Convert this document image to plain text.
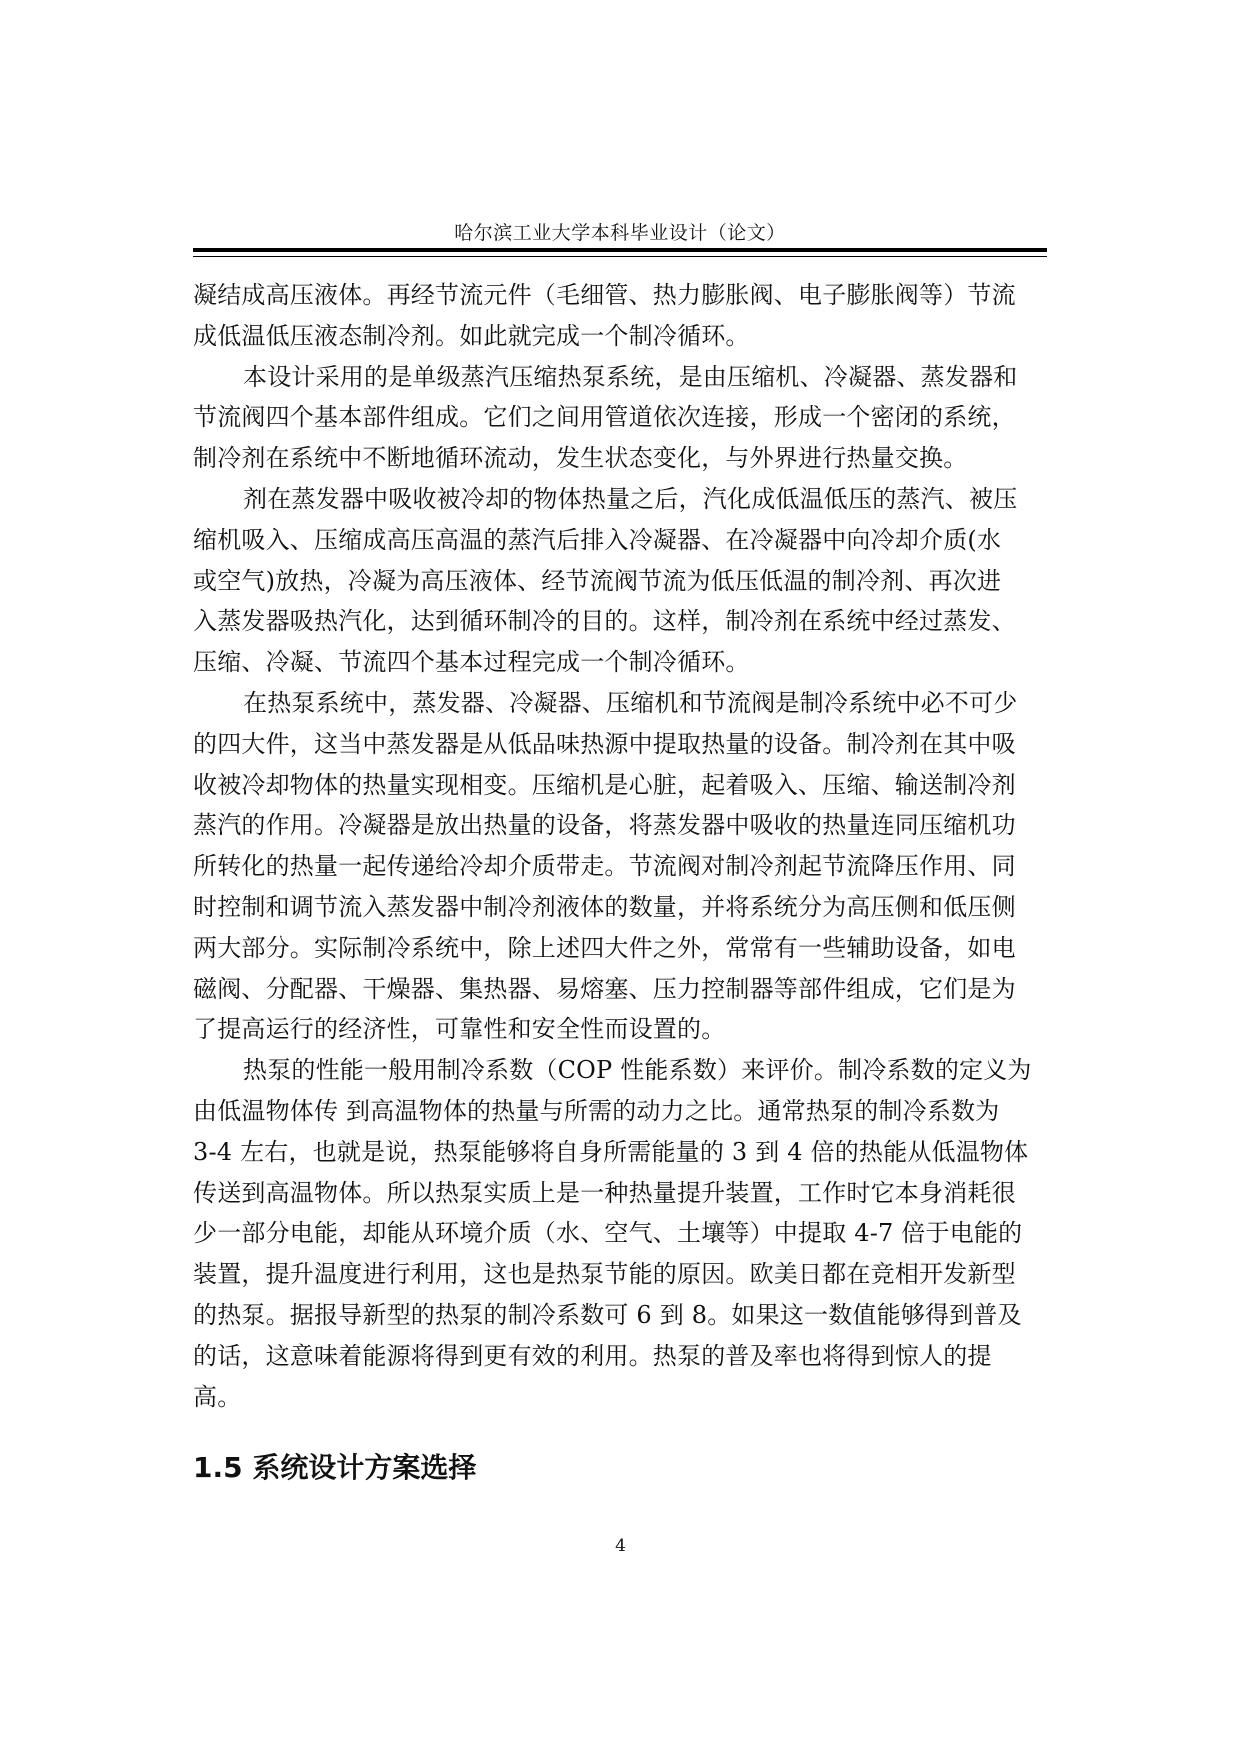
哈尔滨工业大学本科毕业设计（论文）

凝结成高压液体。再经节流元件（毛细管、热力膨胀阀、电子膨胀阀等）节流
成低温低压液态制冷剂。如此就完成一个制冷循环。

本设计采用的是单级蒸汽压缩热泵系统，是由压缩机、冷凝器、蒸发器和
节流阀四个基本部件组成。它们之间用管道依次连接，形成一个密闭的系统，
制冷剂在系统中不断地循环流动，发生状态变化，与外界进行热量交换。

剂在蒸发器中吸收被冷却的物体热量之后，汽化成低温低压的蒸汽、被压
缩机吸入、压缩成高压高温的蒸汽后排入冷凝器、在冷凝器中向冷却介质(水
或空气)放热，冷凝为高压液体、经节流阀节流为低压低温的制冷剂、再次进
入蒸发器吸热汽化，达到循环制冷的目的。这样，制冷剂在系统中经过蒸发、
压缩、冷凝、节流四个基本过程完成一个制冷循环。

在热泵系统中，蒸发器、冷凝器、压缩机和节流阀是制冷系统中必不可少
的四大件，这当中蒸发器是从低品味热源中提取热量的设备。制冷剂在其中吸
收被冷却物体的热量实现相变。压缩机是心脏，起着吸入、压缩、输送制冷剂
蒸汽的作用。冷凝器是放出热量的设备，将蒸发器中吸收的热量连同压缩机功
所转化的热量一起传递给冷却介质带走。节流阀对制冷剂起节流降压作用、同
时控制和调节流入蒸发器中制冷剂液体的数量，并将系统分为高压侧和低压侧
两大部分。实际制冷系统中，除上述四大件之外，常常有一些辅助设备，如电
磁阀、分配器、干燥器、集热器、易熔塞、压力控制器等部件组成，它们是为
了提高运行的经济性，可靠性和安全性而设置的。

热泵的性能一般用制冷系数（COP 性能系数）来评价。制冷系数的定义为
由低温物体传 到高温物体的热量与所需的动力之比。通常热泵的制冷系数为
3-4 左右，也就是说，热泵能够将自身所需能量的 3 到 4 倍的热能从低温物体
传送到高温物体。所以热泵实质上是一种热量提升装置，工作时它本身消耗很
少一部分电能，却能从环境介质（水、空气、土壤等）中提取 4-7 倍于电能的
装置，提升温度进行利用，这也是热泵节能的原因。欧美日都在竞相开发新型
的热泵。据报导新型的热泵的制冷系数可 6 到 8。如果这一数值能够得到普及
的话，这意味着能源将得到更有效的利用。热泵的普及率也将得到惊人的提
高。

1.5 系统设计方案选择
4
